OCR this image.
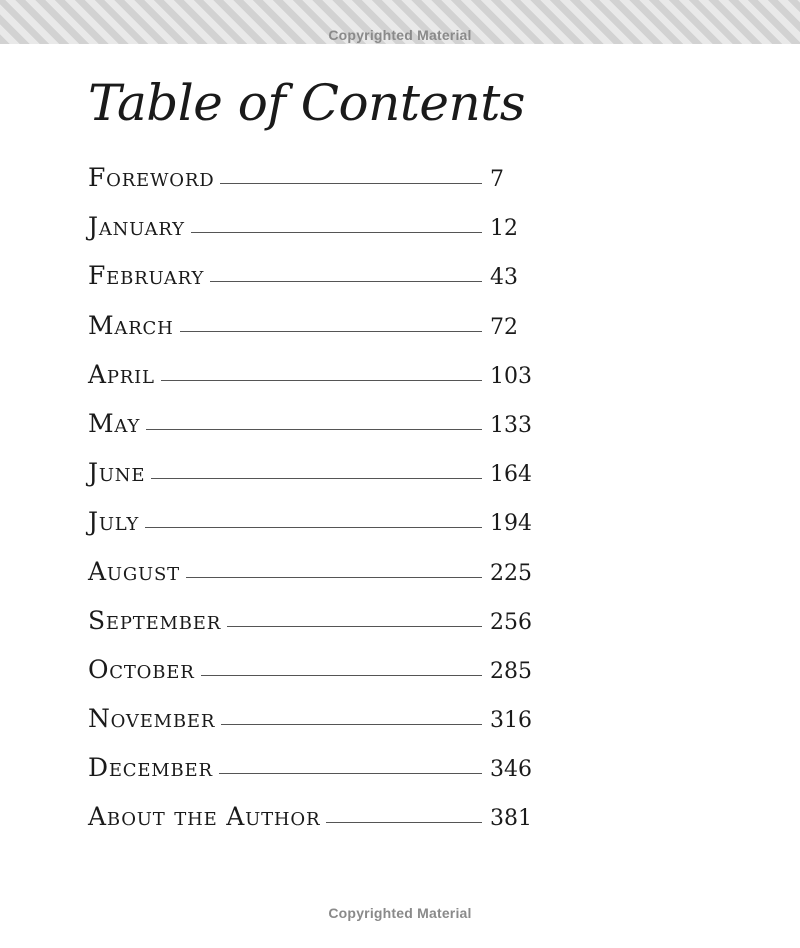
Copyrighted Material
Table of Contents
Foreword	7
January	12
February	43
March	72
April	103
May	133
June	164
July	194
August	225
September	256
October	285
November	316
December	346
About the Author	381
Copyrighted Material
